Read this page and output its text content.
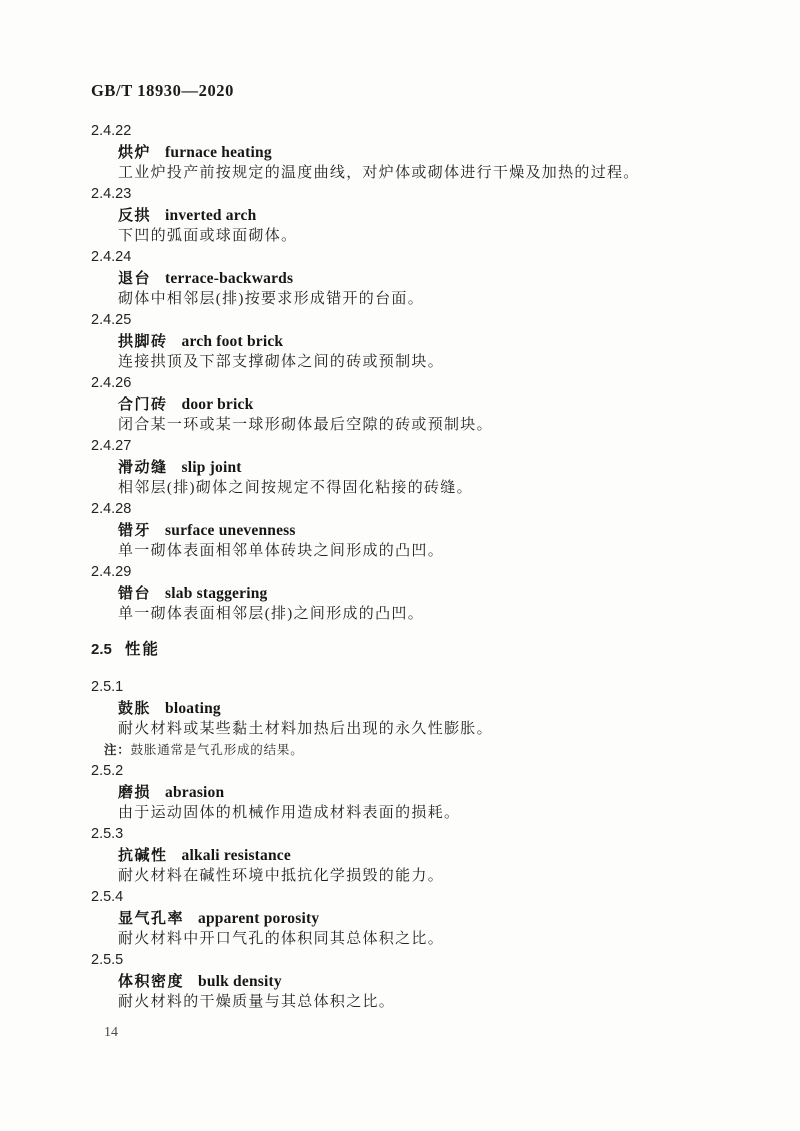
GB/T 18930—2020
2.4.22
烘炉 furnace heating
工业炉投产前按规定的温度曲线，对炉体或砌体进行干燥及加热的过程。
2.4.23
反拱 inverted arch
下凹的弧面或球面砌体。
2.4.24
退台 terrace-backwards
砌体中相邻层(排)按要求形成错开的台面。
2.4.25
拱脚砖 arch foot brick
连接拱顶及下部支撑砌体之间的砖或预制块。
2.4.26
合门砖 door brick
闭合某一环或某一球形砌体最后空隙的砖或预制块。
2.4.27
滑动缝 slip joint
相邻层(排)砌体之间按规定不得固化粘接的砖缝。
2.4.28
错牙 surface unevenness
单一砌体表面相邻单体砖块之间形成的凸凹。
2.4.29
错台 slab staggering
单一砌体表面相邻层(排)之间形成的凸凹。
2.5 性能
2.5.1
鼓胀 bloating
耐火材料或某些黏土材料加热后出现的永久性膨胀。
注：鼓胀通常是气孔形成的结果。
2.5.2
磨损 abrasion
由于运动固体的机械作用造成材料表面的损耗。
2.5.3
抗碱性 alkali resistance
耐火材料在碱性环境中抵抗化学损毁的能力。
2.5.4
显气孔率 apparent porosity
耐火材料中开口气孔的体积同其总体积之比。
2.5.5
体积密度 bulk density
耐火材料的干燥质量与其总体积之比。
14
